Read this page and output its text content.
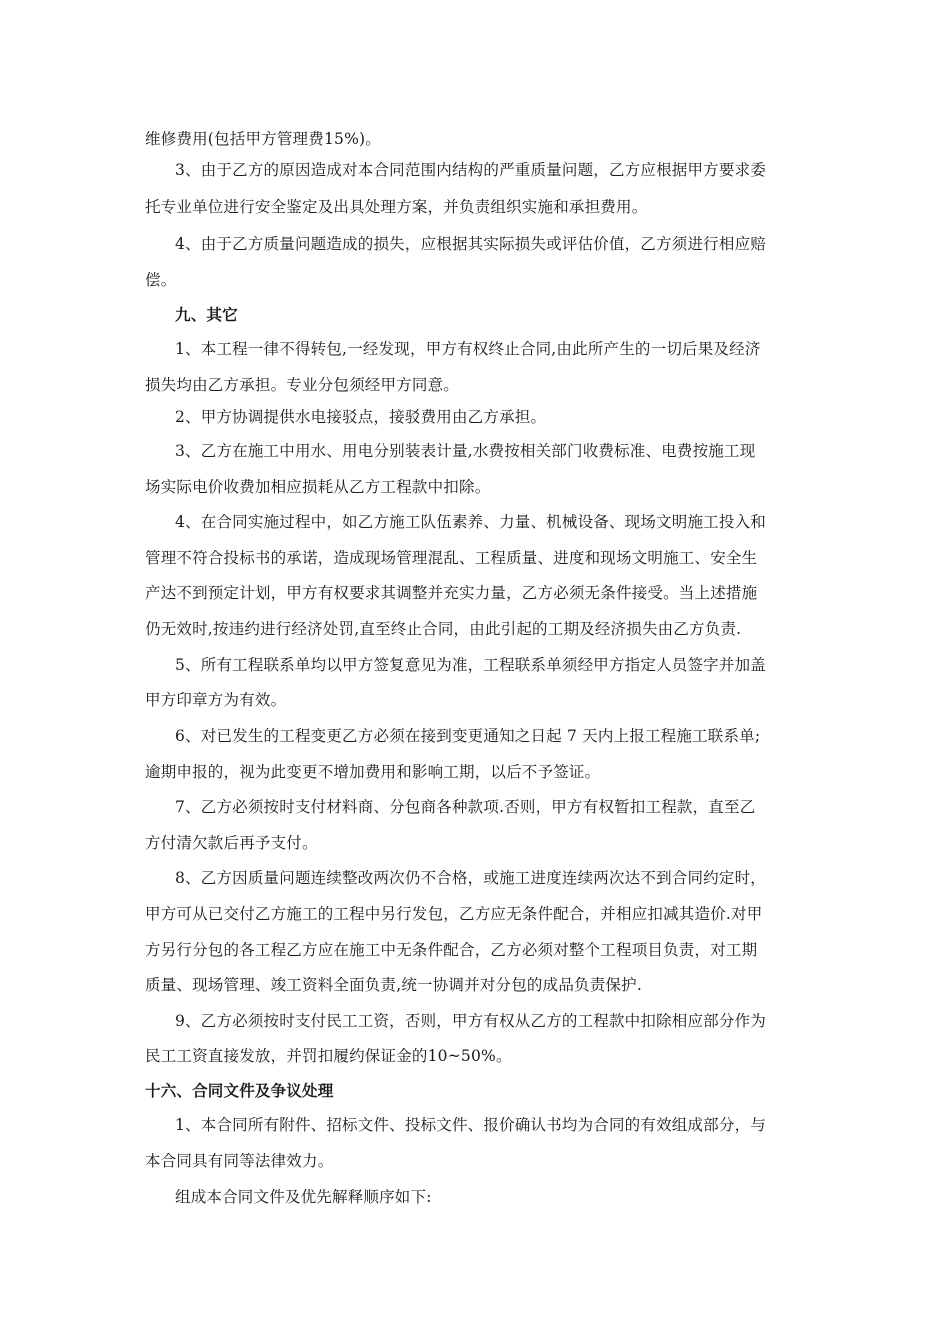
维修费用(包括甲方管理费15%)。
3、由于乙方的原因造成对本合同范围内结构的严重质量问题，乙方应根据甲方要求委
托专业单位进行安全鉴定及出具处理方案，并负责组织实施和承担费用。
4、由于乙方质量问题造成的损失，应根据其实际损失或评估价值，乙方须进行相应赔
偿。
九、其它
1、本工程一律不得转包,一经发现，甲方有权终止合同,由此所产生的一切后果及经济
损失均由乙方承担。专业分包须经甲方同意。
2、甲方协调提供水电接驳点，接驳费用由乙方承担。
3、乙方在施工中用水、用电分别装表计量,水费按相关部门收费标准、电费按施工现
场实际电价收费加相应损耗从乙方工程款中扣除。
4、在合同实施过程中，如乙方施工队伍素养、力量、机械设备、现场文明施工投入和
管理不符合投标书的承诺，造成现场管理混乱、工程质量、进度和现场文明施工、安全生
产达不到预定计划，甲方有权要求其调整并充实力量，乙方必须无条件接受。当上述措施
仍无效时,按违约进行经济处罚,直至终止合同，由此引起的工期及经济损失由乙方负责.
5、所有工程联系单均以甲方签复意见为准，工程联系单须经甲方指定人员签字并加盖
甲方印章方为有效。
6、对已发生的工程变更乙方必须在接到变更通知之日起 7 天内上报工程施工联系单;
逾期申报的，视为此变更不增加费用和影响工期，以后不予签证。
7、乙方必须按时支付材料商、分包商各种款项.否则，甲方有权暂扣工程款，直至乙
方付清欠款后再予支付。
8、乙方因质量问题连续整改两次仍不合格，或施工进度连续两次达不到合同约定时，
甲方可从已交付乙方施工的工程中另行发包，乙方应无条件配合，并相应扣减其造价.对甲
方另行分包的各工程乙方应在施工中无条件配合，乙方必须对整个工程项目负责，对工期
质量、现场管理、竣工资料全面负责,统一协调并对分包的成品负责保护.
9、乙方必须按时支付民工工资，否则，甲方有权从乙方的工程款中扣除相应部分作为
民工工资直接发放，并罚扣履约保证金的10~50%。
十六、合同文件及争议处理
1、本合同所有附件、招标文件、投标文件、报价确认书均为合同的有效组成部分，与
本合同具有同等法律效力。
组成本合同文件及优先解释顺序如下:
